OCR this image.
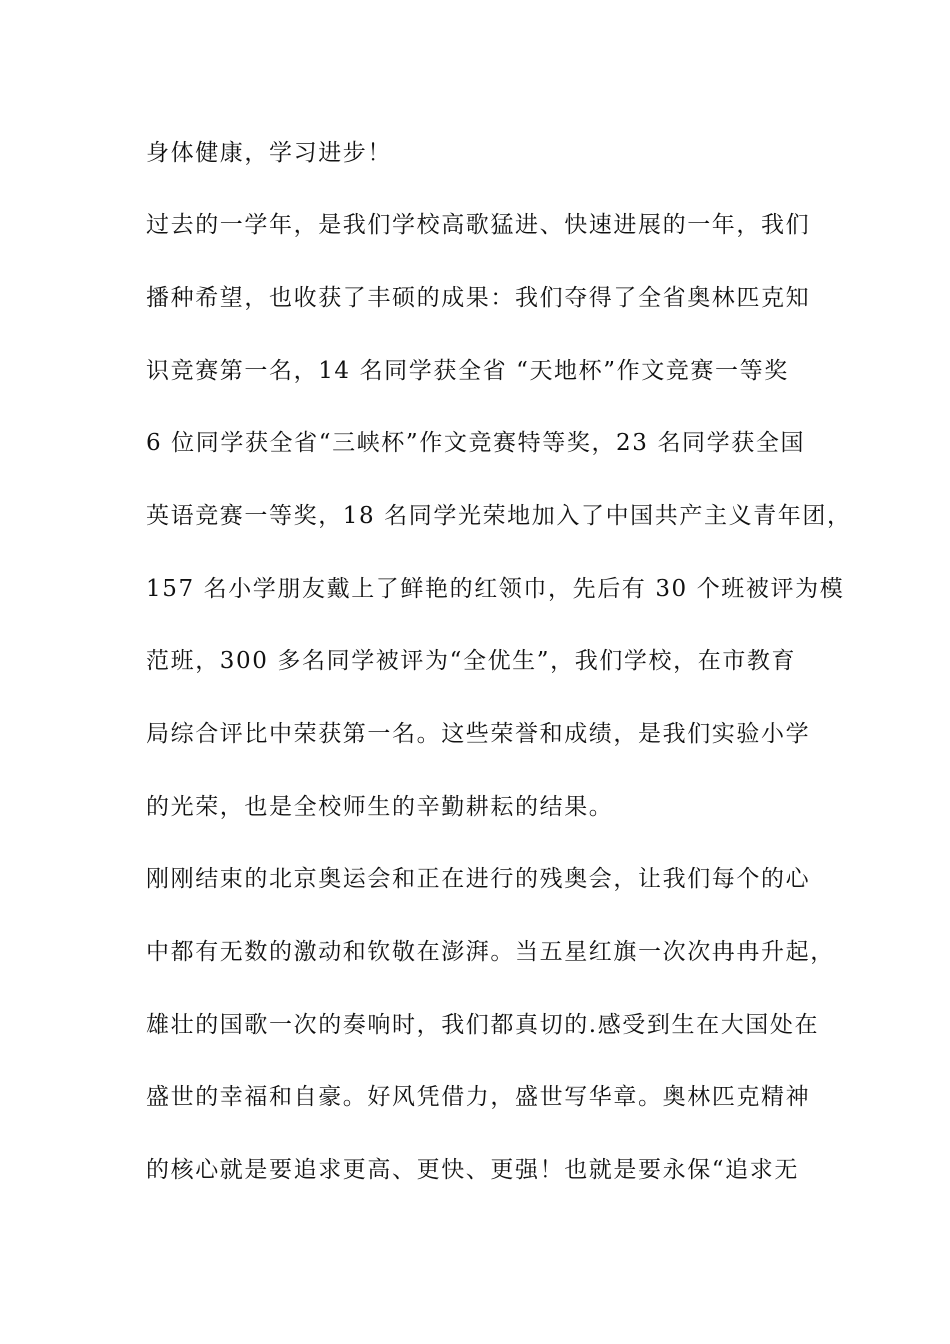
身体健康，学习进步！
过去的一学年，是我们学校高歌猛进、快速进展的一年，我们
播种希望，也收获了丰硕的成果：我们夺得了全省奥林匹克知
识竞赛第一名，14 名同学获全省 “天地杯”作文竞赛一等奖
6 位同学获全省“三峡杯”作文竞赛特等奖，23 名同学获全国
英语竞赛一等奖，18 名同学光荣地加入了中国共产主义青年团，
157 名小学朋友戴上了鲜艳的红领巾，先后有 30 个班被评为模
范班，300 多名同学被评为“全优生”，我们学校，在市教育
局综合评比中荣获第一名。这些荣誉和成绩，是我们实验小学
的光荣，也是全校师生的辛勤耕耘的结果。
刚刚结束的北京奥运会和正在进行的残奥会，让我们每个的心
中都有无数的激动和钦敬在澎湃。当五星红旗一次次冉冉升起，
雄壮的国歌一次的奏响时，我们都真切的.感受到生在大国处在
盛世的幸福和自豪。好风凭借力，盛世写华章。奥林匹克精神
的核心就是要追求更高、更快、更强！也就是要永保“追求无
